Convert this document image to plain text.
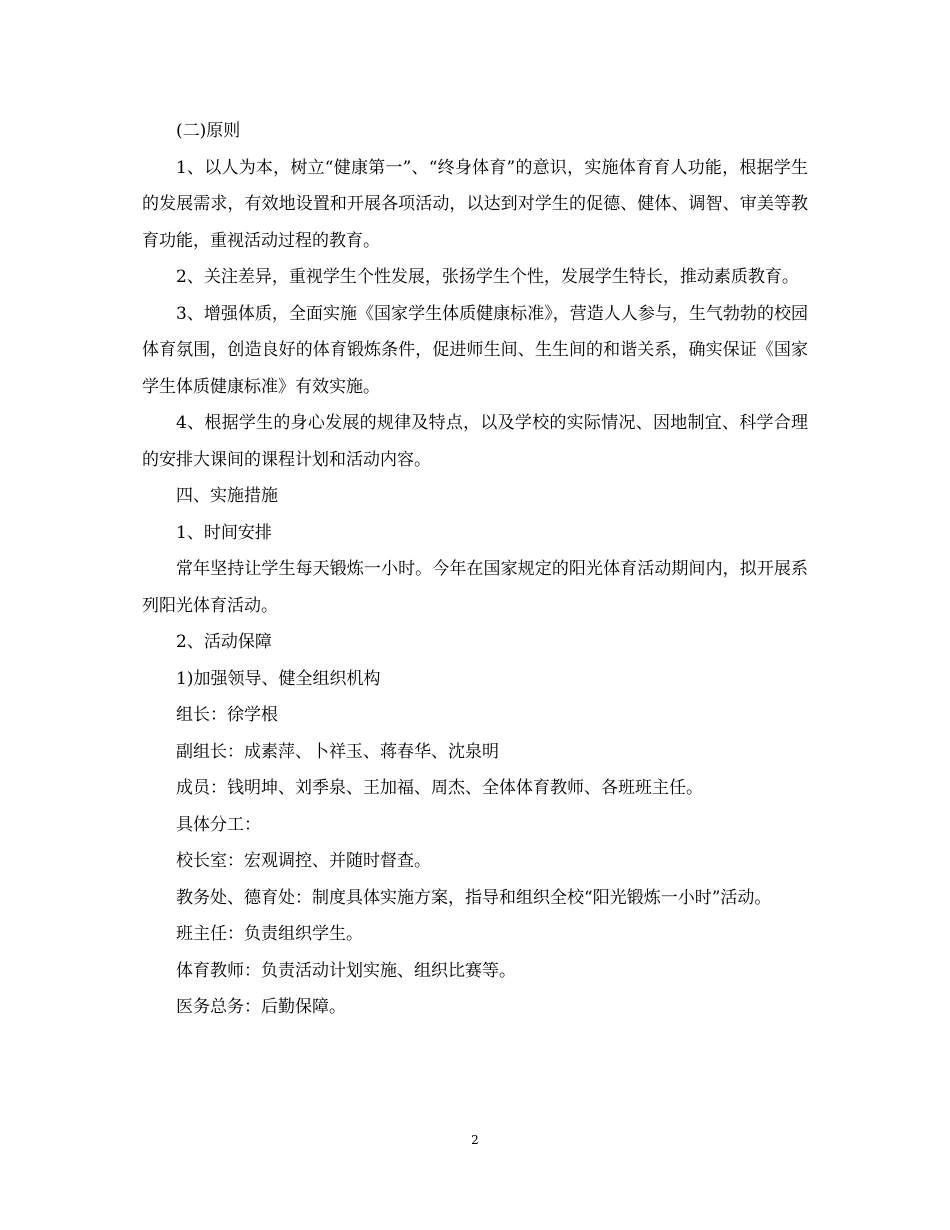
(二)原则

1、以人为本，树立“健康第一”、“终身体育”的意识，实施体育育人功能，根据学生的发展需求，有效地设置和开展各项活动，以达到对学生的促德、健体、调智、审美等教育功能，重视活动过程的教育。

2、关注差异，重视学生个性发展，张扬学生个性，发展学生特长，推动素质教育。

3、增强体质，全面实施《国家学生体质健康标准》，营造人人参与，生气勃勃的校园体育氛围，创造良好的体育锻炼条件，促进师生间、生生间的和谐关系，确实保证《国家学生体质健康标准》有效实施。

4、根据学生的身心发展的规律及特点，以及学校的实际情况、因地制宜、科学合理的安排大课间的课程计划和活动内容。

四、实施措施

1、时间安排

常年坚持让学生每天锻炼一小时。今年在国家规定的阳光体育活动期间内，拟开展系列阳光体育活动。

2、活动保障

1)加强领导、健全组织机构

组长：徐学根

副组长：成素萍、卜祥玉、蒋春华、沈泉明

成员：钱明坤、刘季泉、王加福、周杰、全体体育教师、各班班主任。

具体分工：

校长室：宏观调控、并随时督查。

教务处、德育处：制度具体实施方案，指导和组织全校“阳光锻炼一小时”活动。

班主任：负责组织学生。

体育教师：负责活动计划实施、组织比赛等。

医务总务：后勤保障。

2
